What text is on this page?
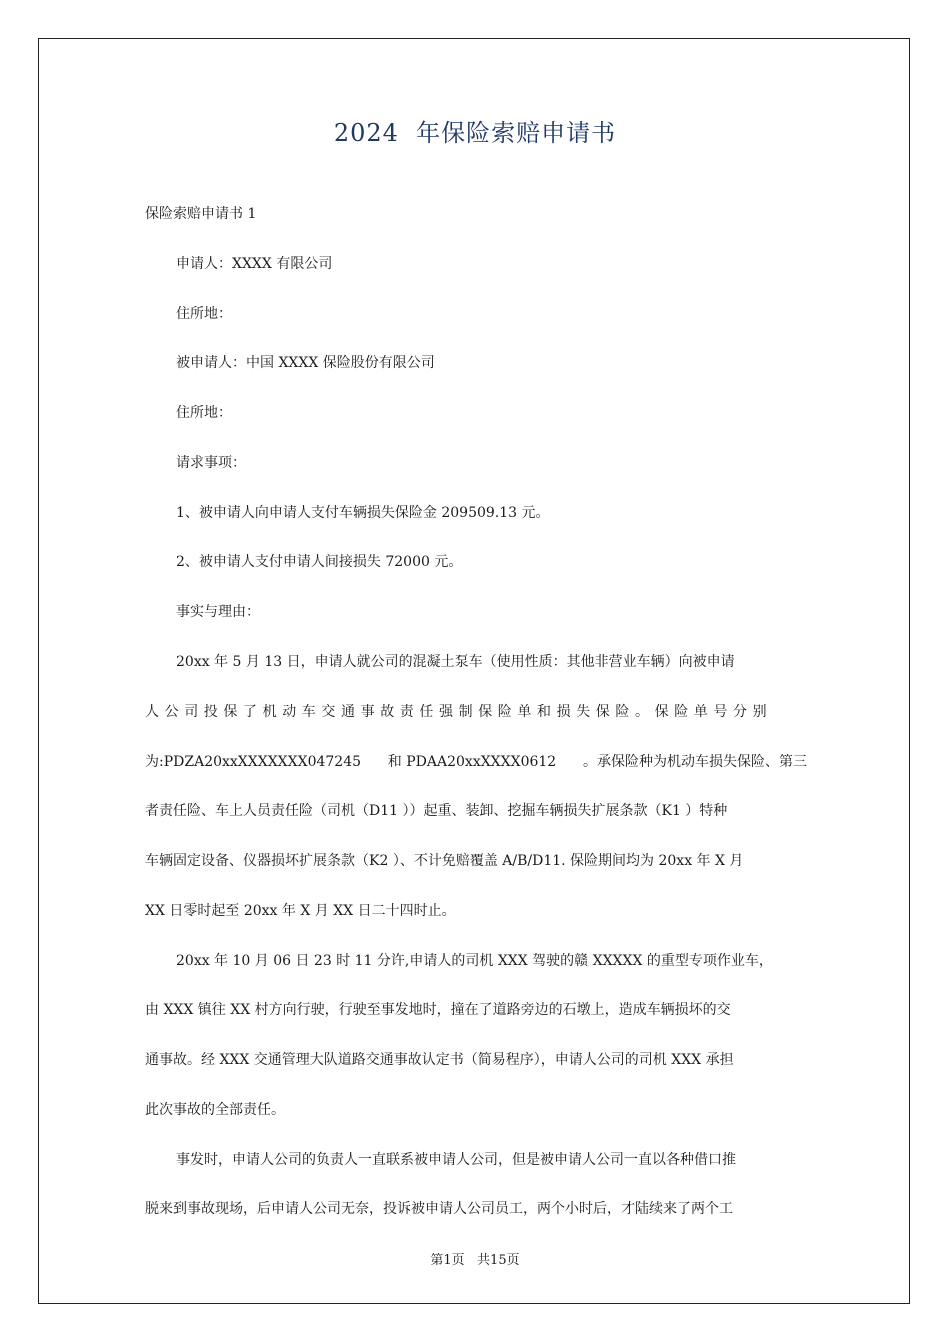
2024  年保险索赔申请书
保险索赔申请书 1
申请人：XXXX 有限公司
住所地：
被申请人：中国 XXXX 保险股份有限公司
住所地：
请求事项：
1、被申请人向申请人支付车辆损失保险金 209509.13 元。
2、被申请人支付申请人间接损失 72000 元。
事实与理由：
20xx 年 5 月 13 日，申请人就公司的混凝土泵车（使用性质：其他非营业车辆）向被申请
人公司投保了机动车交通事故责任强制保险单和损失保险。保险单号分别
为:PDZA20xxXXXXXXX047245 和 PDAA20xxXXXX0612 。承保险种为机动车损失保险、第三
者责任险、车上人员责任险（司机（D11 ））起重、装卸、挖掘车辆损失扩展条款（K1 ）特种
车辆固定设备、仪器损坏扩展条款（K2 ）、不计免赔覆盖 A/B/D11. 保险期间均为 20xx 年 X 月
XX 日零时起至 20xx 年 X 月 XX 日二十四时止。
20xx 年 10 月 06 日 23 时 11 分许,申请人的司机 XXX 驾驶的赣 XXXXX 的重型专项作业车，
由 XXX 镇往 XX 村方向行驶，行驶至事发地时，撞在了道路旁边的石墩上，造成车辆损坏的交
通事故。经 XXX 交通管理大队道路交通事故认定书（简易程序），申请人公司的司机 XXX 承担
此次事故的全部责任。
事发时，申请人公司的负责人一直联系被申请人公司，但是被申请人公司一直以各种借口推
脱来到事故现场，后申请人公司无奈，投诉被申请人公司员工，两个小时后，才陆续来了两个工
第1页   共15页
